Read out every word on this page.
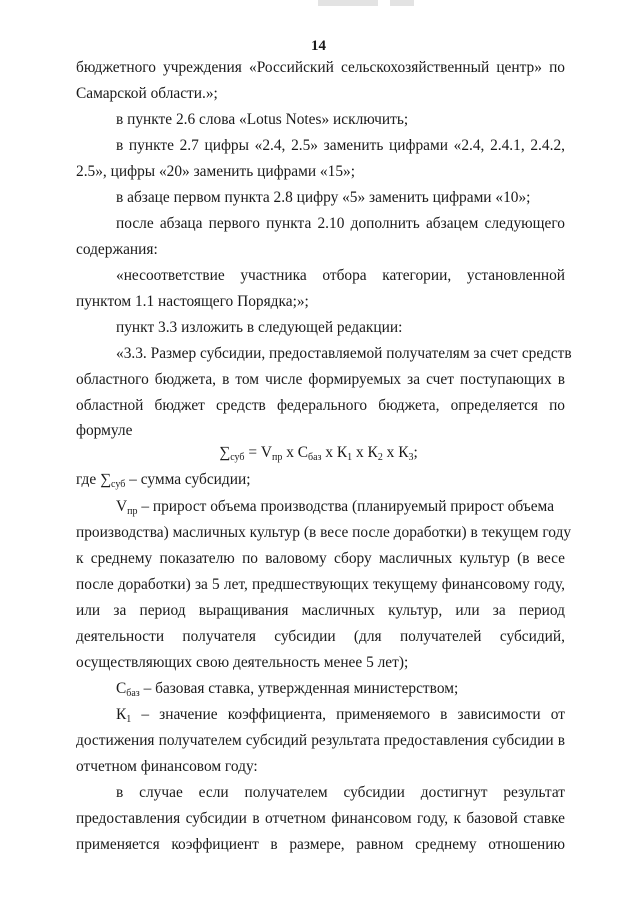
14
бюджетного учреждения «Российский сельскохозяйственный центр» по
Самарской области.»;
в пункте 2.6 слова «Lotus Notes» исключить;
в пункте 2.7 цифры «2.4, 2.5» заменить цифрами «2.4, 2.4.1, 2.4.2,
2.5», цифры «20» заменить цифрами «15»;
в абзаце первом пункта 2.8 цифру «5» заменить цифрами «10»;
после абзаца первого пункта 2.10 дополнить абзацем следующего
содержания:
«несоответствие участника отбора категории, установленной
пунктом 1.1 настоящего Порядка;»;
пункт 3.3 изложить в следующей редакции:
«3.3. Размер субсидии, предоставляемой получателям за счет средств
областного бюджета, в том числе формируемых за счет поступающих в
областной бюджет средств федерального бюджета, определяется по
формуле
$\sum_{суб} = V_{пр}$ х $С_{баз}$ х $К_1$ х $К_2$ х $К_3$;
где $\sum_{суб}$ – сумма субсидии;
$V_{пр}$ – прирост объема производства (планируемый прирост объема
производства) масличных культур (в весе после доработки) в текущем году
к среднему показателю по валовому сбору масличных культур (в весе
после доработки) за 5 лет, предшествующих текущему финансовому году,
или за период выращивания масличных культур, или за период
деятельности получателя субсидии (для получателей субсидий,
осуществляющих свою деятельность менее 5 лет);
$С_{баз}$ – базовая ставка, утвержденная министерством;
$К_1$ – значение коэффициента, применяемого в зависимости от
достижения получателем субсидий результата предоставления субсидии в
отчетном финансовом году:
в случае если получателем субсидии достигнут результат
предоставления субсидии в отчетном финансовом году, к базовой ставке
применяется коэффициент в размере, равном среднему отношению
